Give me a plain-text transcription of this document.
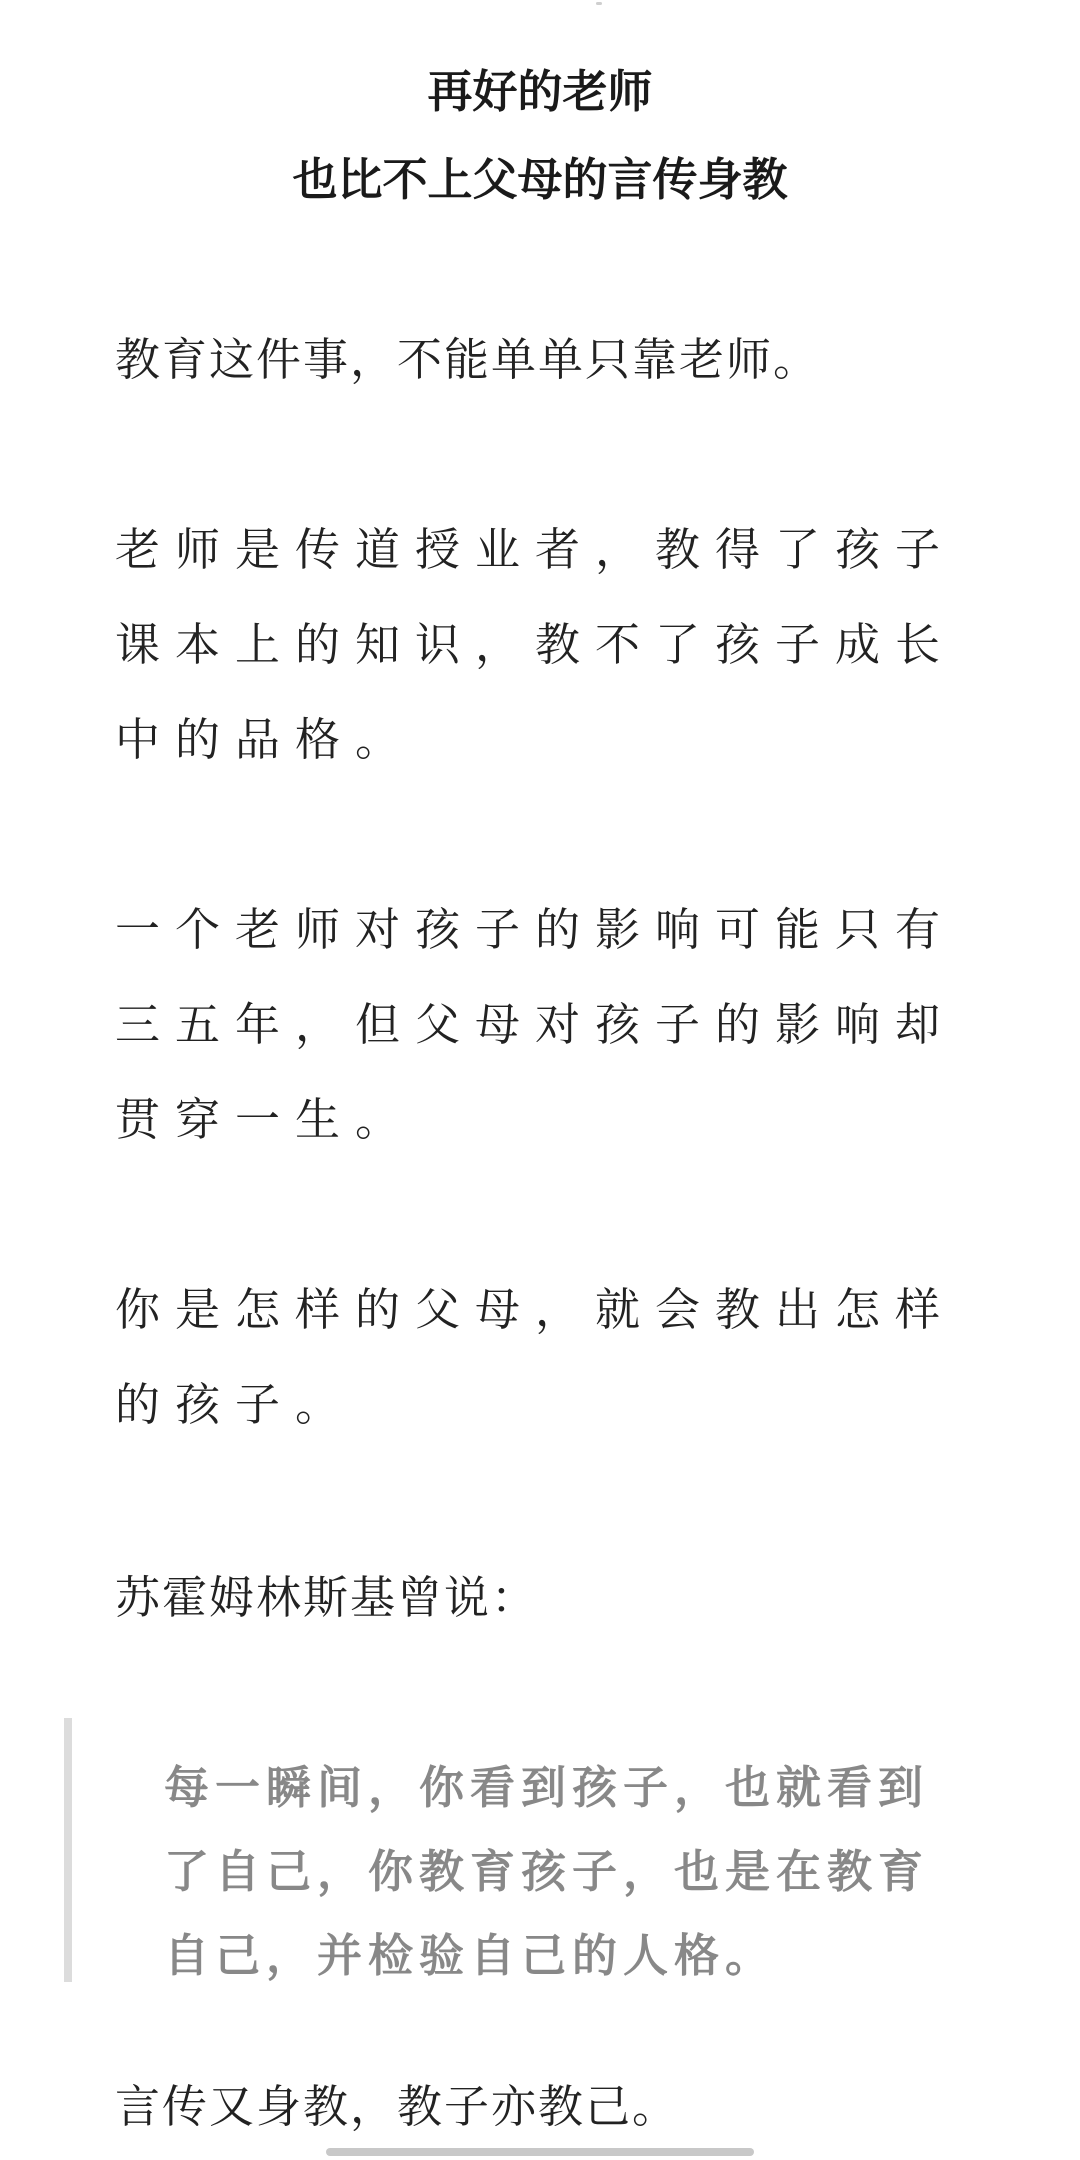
再好的老师
也比不上父母的言传身教

教育这件事，不能单单只靠老师。

老师是传道授业者，教得了孩子课本上的知识，教不了孩子成长中的品格。

一个老师对孩子的影响可能只有三五年，但父母对孩子的影响却贯穿一生。

你是怎样的父母，就会教出怎样的孩子。

苏霍姆林斯基曾说：

每一瞬间，你看到孩子，也就看到了自己，你教育孩子，也是在教育自己，并检验自己的人格。

言传又身教，教子亦教己。
